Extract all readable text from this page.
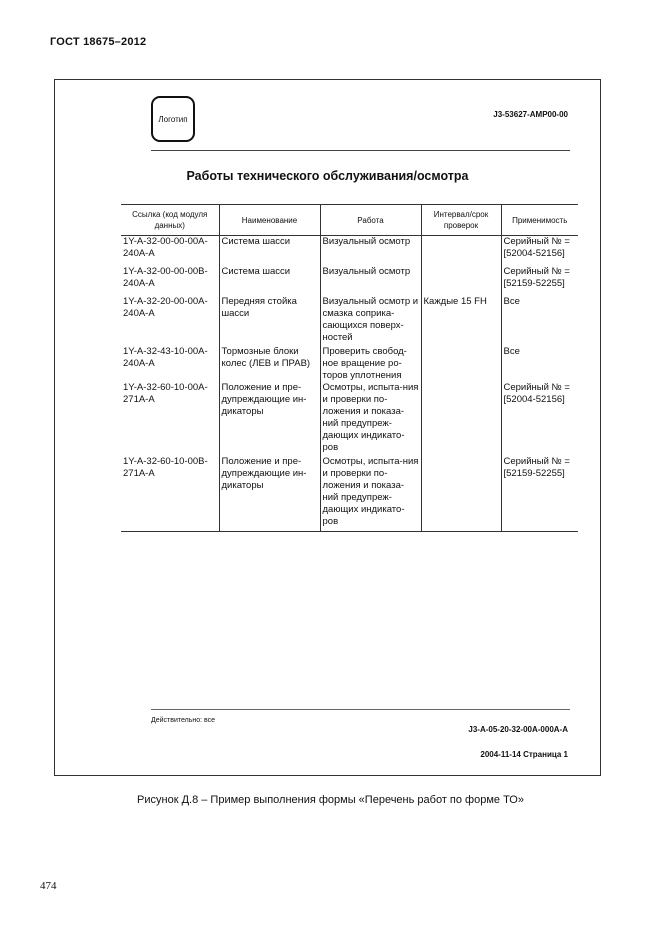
ГОСТ 18675–2012
Логотип	J3-53627-AMP00-00
Работы технического обслуживания/осмотра
Ссылка (код модуля данных)	Наименование	Работа	Интервал/срок проверок	Применимость
1Y-A-32-00-00-00A-240A-A	Система шасси	Визуальный осмотр		Серийный № = [52004-52156]
1Y-A-32-00-00-00B-240A-A	Система шасси	Визуальный осмотр		Серийный № = [52159-52255]
1Y-A-32-20-00-00A-240A-A	Передняя стойка шасси	Визуальный осмотр и смазка соприка-сающихся поверх-ностей	Каждые 15 FH	Все
1Y-A-32-43-10-00A-240A-A	Тормозные блоки колес (ЛЕВ и ПРАВ)	Проверить свобод-ное вращение ро-торов уплотнения		Все
1Y-A-32-60-10-00A-271A-A	Положение и пре-дупреждающие ин-дикаторы	Осмотры, испыта-ния и проверки по-ложения и показа-ний предупреж-дающих индикато-ров		Серийный № = [52004-52156]
1Y-A-32-60-10-00B-271A-A	Положение и пре-дупреждающие ин-дикаторы	Осмотры, испыта-ния и проверки по-ложения и показа-ний предупреж-дающих индикато-ров		Серийный № = [52159-52255]
Действительно: все
J3-A-05-20-32-00A-000A-A
2004-11-14 Страница 1
Рисунок Д.8 – Пример выполнения формы «Перечень работ по форме ТО»
474
